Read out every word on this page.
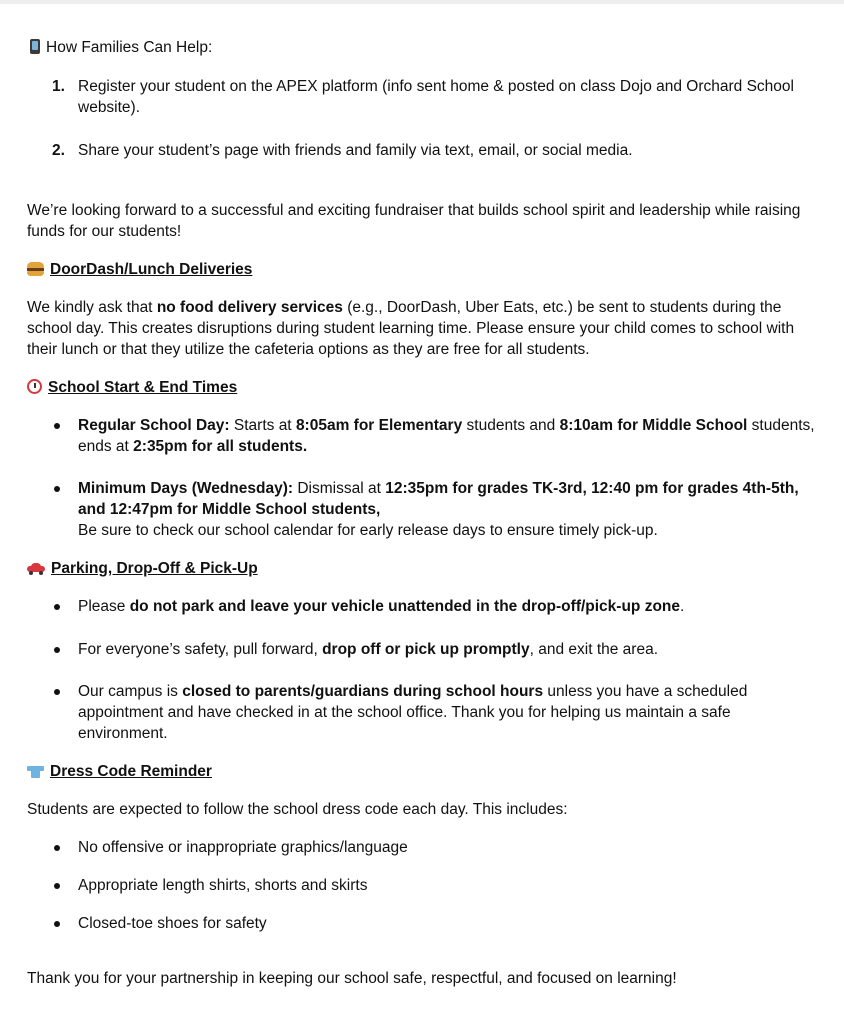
How Families Can Help:
1. Register your student on the APEX platform (info sent home & posted on class Dojo and Orchard School website).
2. Share your student’s page with friends and family via text, email, or social media.

We’re looking forward to a successful and exciting fundraiser that builds school spirit and leadership while raising funds for our students!

DoorDash/Lunch Deliveries

We kindly ask that no food delivery services (e.g., DoorDash, Uber Eats, etc.) be sent to students during the school day. This creates disruptions during student learning time. Please ensure your child comes to school with their lunch or that they utilize the cafeteria options as they are free for all students.

School Start & End Times
Regular School Day: Starts at 8:05am for Elementary students and 8:10am for Middle School students, ends at 2:35pm for all students.
Minimum Days (Wednesday): Dismissal at 12:35pm for grades TK-3rd, 12:40 pm for grades 4th-5th, and 12:47pm for Middle School students,
Be sure to check our school calendar for early release days to ensure timely pick-up.
Parking, Drop-Off & Pick-Up
Please do not park and leave your vehicle unattended in the drop-off/pick-up zone.
For everyone’s safety, pull forward, drop off or pick up promptly, and exit the area.
Our campus is closed to parents/guardians during school hours unless you have a scheduled appointment and have checked in at the school office. Thank you for helping us maintain a safe environment.
Dress Code Reminder

Students are expected to follow the school dress code each day. This includes:

No offensive or inappropriate graphics/language
Appropriate length shirts, shorts and skirts
Closed-toe shoes for safety

Thank you for your partnership in keeping our school safe, respectful, and focused on learning!
